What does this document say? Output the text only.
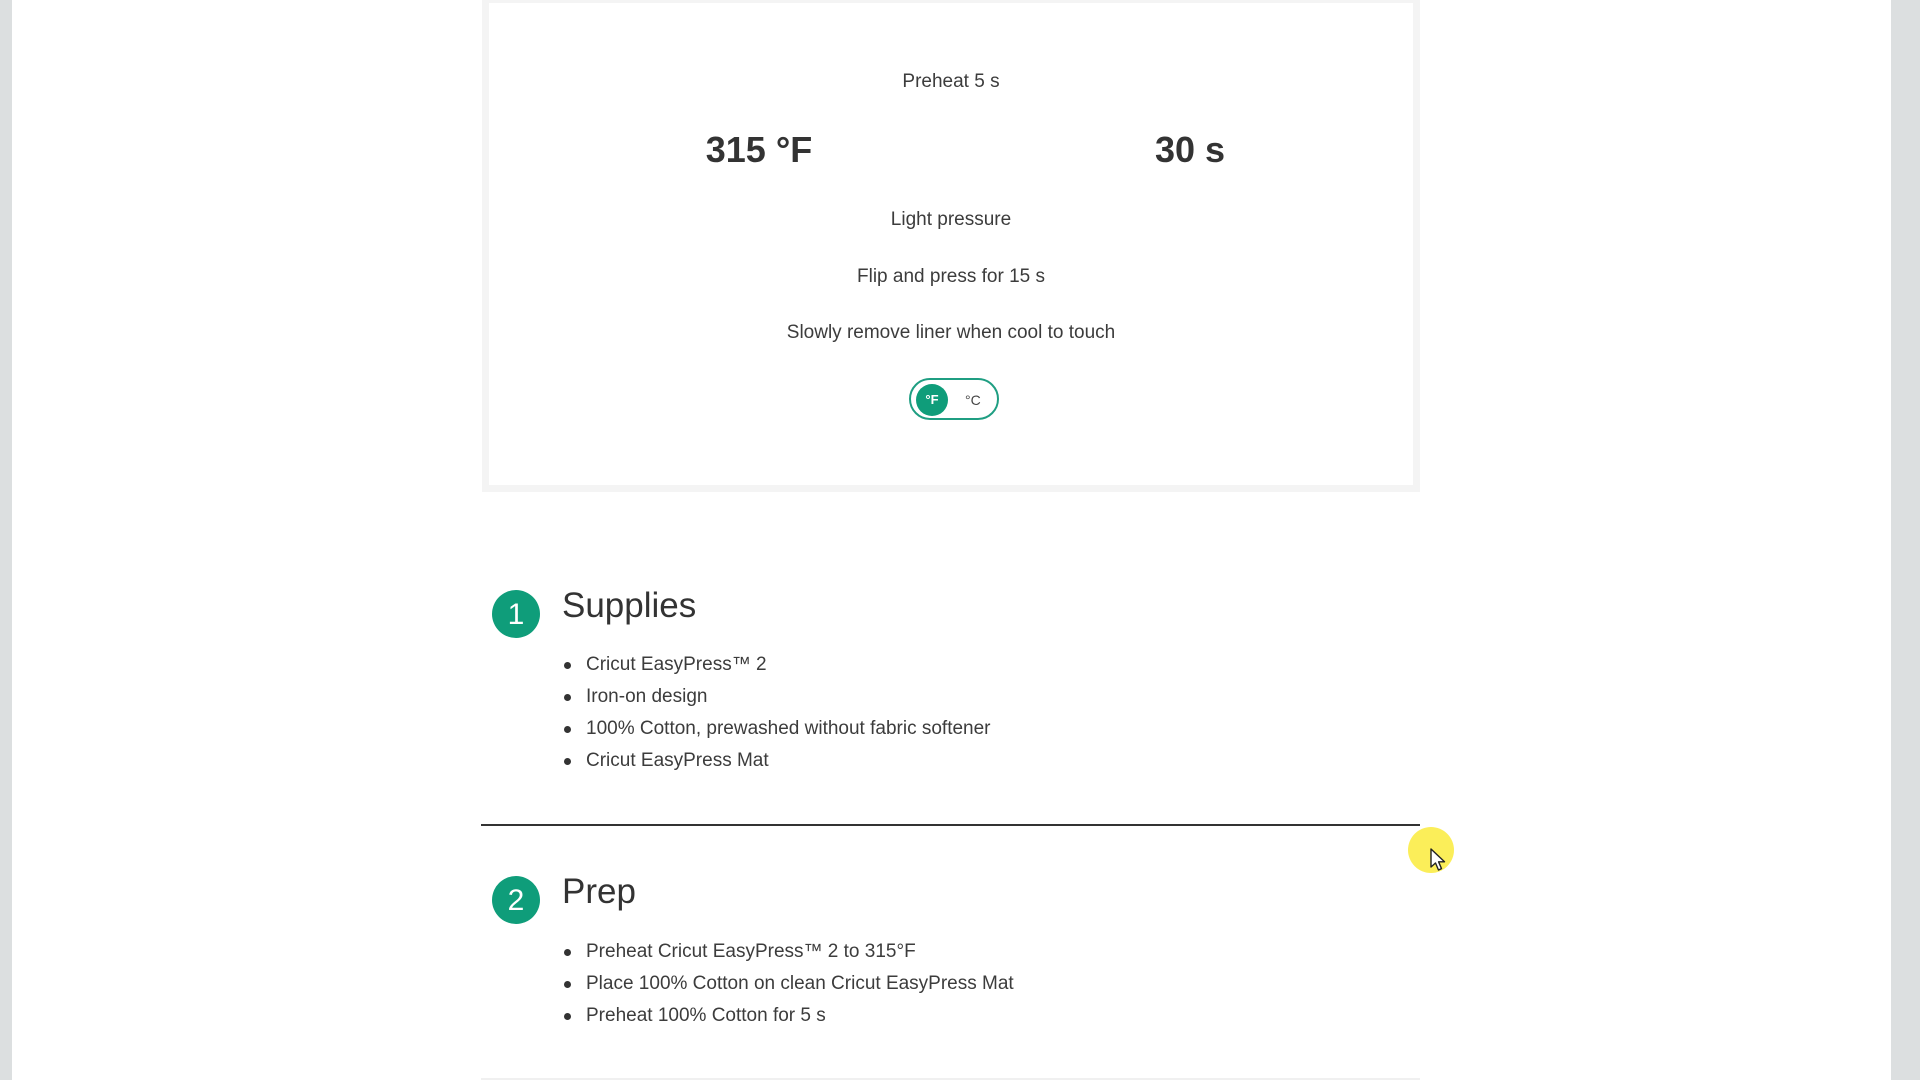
Preheat 5 s
315 °F	30 s
Light pressure
Flip and press for 15 s
Slowly remove liner when cool to touch
°F	°C
1	Supplies
Cricut EasyPress™ 2
Iron-on design
100% Cotton, prewashed without fabric softener
Cricut EasyPress Mat
2	Prep
Preheat Cricut EasyPress™ 2 to 315°F
Place 100% Cotton on clean Cricut EasyPress Mat
Preheat 100% Cotton for 5 s
